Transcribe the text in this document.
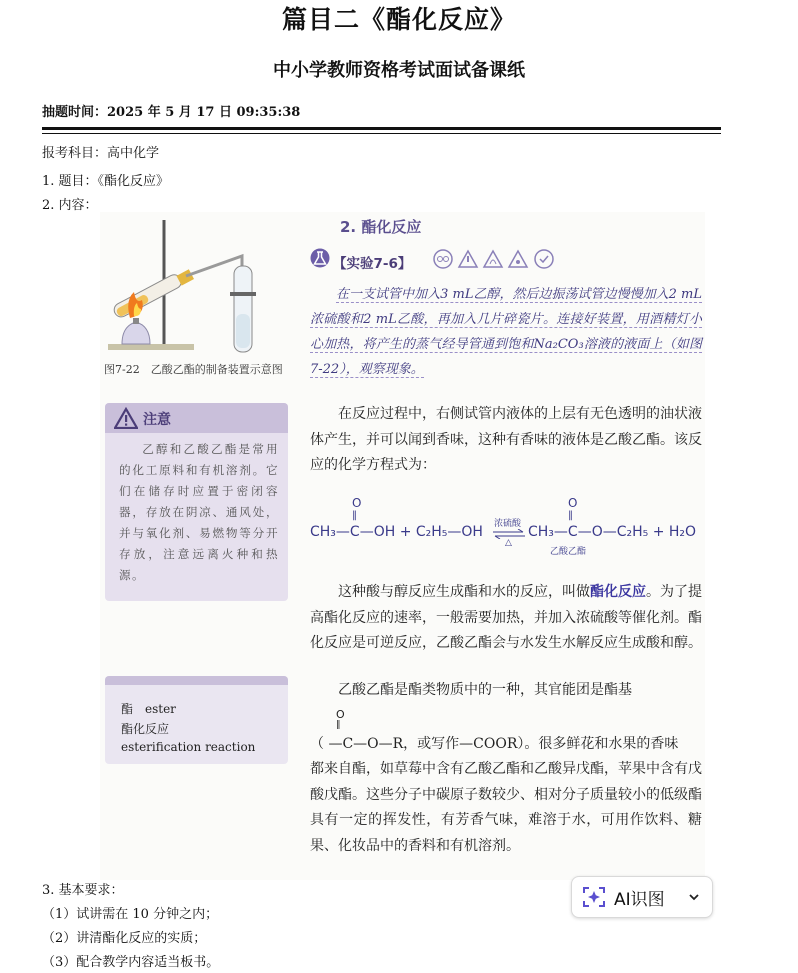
篇目二《酯化反应》
中小学教师资格考试面试备课纸
抽题时间：2025 年 5 月 17 日 09:35:38
报考科目：高中化学
1. 题目：《酯化反应》
2. 内容：
图7-22　乙酸乙酯的制备装置示意图
注意
乙醇和乙酸乙酯是常用的化工原料和有机溶剂。它们在储存时应置于密闭容器，存放在阴凉、通风处，并与氧化剂、易燃物等分开存放，注意远离火种和热源。
酯　ester
酯化反应
esterification reaction
2. 酯化反应
【实验7-6】
在一支试管中加入3 mL乙醇，然后边振荡试管边慢慢加入2 mL浓硫酸和2 mL乙酸，再加入几片碎瓷片。连接好装置，用酒精灯小心加热，将产生的蒸气经导管通到饱和Na₂CO₃溶液的液面上（如图7-22），观察现象。
在反应过程中，右侧试管内液体的上层有无色透明的油状液体产生，并可以闻到香味，这种有香味的液体是乙酸乙酯。该反应的化学方程式为：
CH₃—C—OH + C₂H₅—OH
O
‖
浓硫酸
△
CH₃—C—O—C₂H₅ + H₂O
O
‖
乙酸乙酯
这种酸与醇反应生成酯和水的反应，叫做酯化反应。为了提高酯化反应的速率，一般需要加热，并加入浓硫酸等催化剂。酯化反应是可逆反应，乙酸乙酯会与水发生水解反应生成酸和醇。
乙酸乙酯是酯类物质中的一种，其官能团是酯基
O
‖
（ —C—O—R，或写作—COOR）。很多鲜花和水果的香味
都来自酯，如草莓中含有乙酸乙酯和乙酸异戊酯，苹果中含有戊酸戊酯。这些分子中碳原子数较少、相对分子质量较小的低级酯具有一定的挥发性，有芳香气味，难溶于水，可用作饮料、糖果、化妆品中的香料和有机溶剂。
3. 基本要求：
（1）试讲需在 10 分钟之内；
（2）讲清酯化反应的实质；
（3）配合教学内容适当板书。
AI识图
